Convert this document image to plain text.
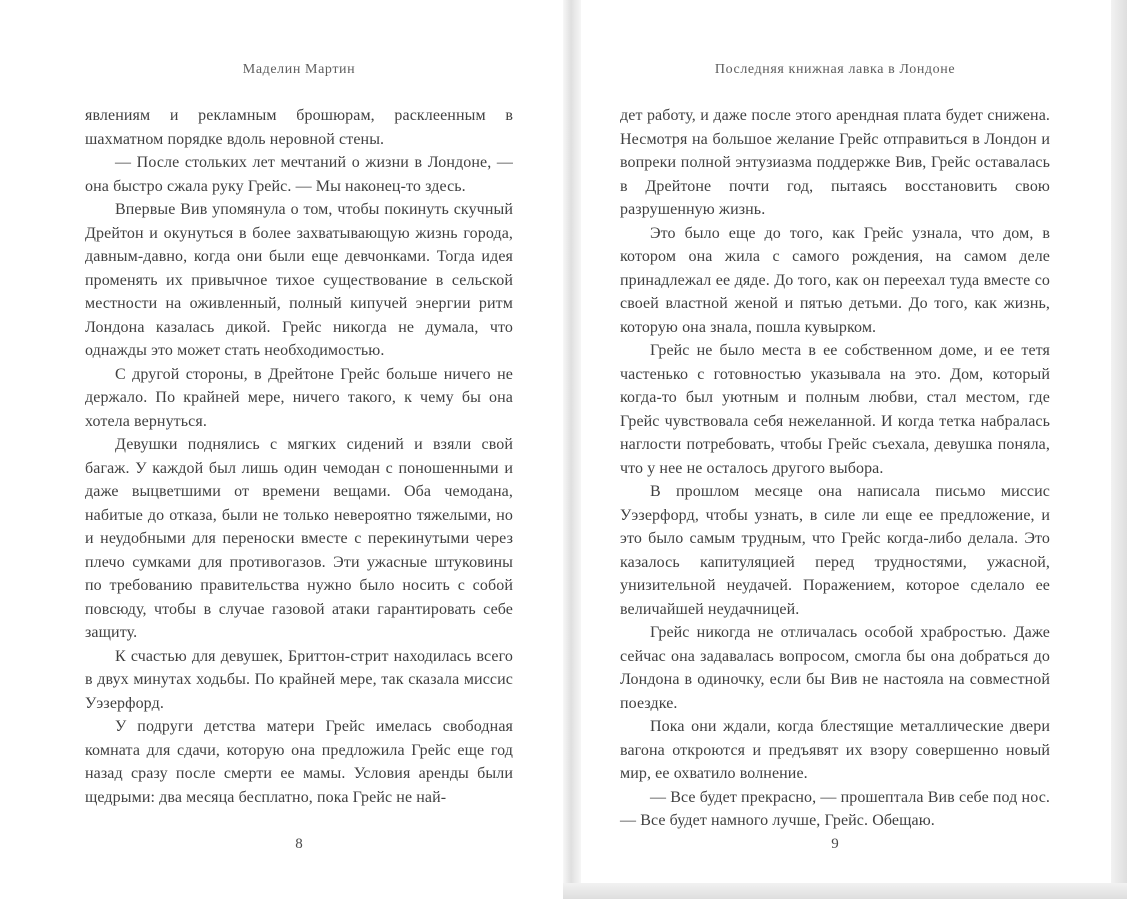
Маделин Мартин

явлениям и рекламным брошюрам, расклеенным в шахматном порядке вдоль неровной стены.

— После стольких лет мечтаний о жизни в Лондоне, — она быстро сжала руку Грейс. — Мы наконец-то здесь.

Впервые Вив упомянула о том, чтобы покинуть скучный Дрейтон и окунуться в более захватывающую жизнь города, давным-давно, когда они были еще девчонками. Тогда идея променять их привычное тихое существование в сельской местности на оживленный, полный кипучей энергии ритм Лондона казалась дикой. Грейс никогда не думала, что однажды это может стать необходимостью.

С другой стороны, в Дрейтоне Грейс больше ничего не держало. По крайней мере, ничего такого, к чему бы она хотела вернуться.

Девушки поднялись с мягких сидений и взяли свой багаж. У каждой был лишь один чемодан с поношенными и даже выцветшими от времени вещами. Оба чемодана, набитые до отказа, были не только невероятно тяжелыми, но и неудобными для переноски вместе с перекинутыми через плечо сумками для противогазов. Эти ужасные штуковины по требованию правительства нужно было носить с собой повсюду, чтобы в случае газовой атаки гарантировать себе защиту.

К счастью для девушек, Бриттон-стрит находилась всего в двух минутах ходьбы. По крайней мере, так сказала миссис Уэзерфорд.

У подруги детства матери Грейс имелась свободная комната для сдачи, которую она предложила Грейс еще год назад сразу после смерти ее мамы. Условия аренды были щедрыми: два месяца бесплатно, пока Грейс не най-

8
Последняя книжная лавка в Лондоне

дет работу, и даже после этого арендная плата будет снижена. Несмотря на большое желание Грейс отправиться в Лондон и вопреки полной энтузиазма поддержке Вив, Грейс оставалась в Дрейтоне почти год, пытаясь восстановить свою разрушенную жизнь.

Это было еще до того, как Грейс узнала, что дом, в котором она жила с самого рождения, на самом деле принадлежал ее дяде. До того, как он переехал туда вместе со своей властной женой и пятью детьми. До того, как жизнь, которую она знала, пошла кувырком.

Грейс не было места в ее собственном доме, и ее тетя частенько с готовностью указывала на это. Дом, который когда-то был уютным и полным любви, стал местом, где Грейс чувствовала себя нежеланной. И когда тетка набралась наглости потребовать, чтобы Грейс съехала, девушка поняла, что у нее не осталось другого выбора.

В прошлом месяце она написала письмо миссис Уэзерфорд, чтобы узнать, в силе ли еще ее предложение, и это было самым трудным, что Грейс когда-либо делала. Это казалось капитуляцией перед трудностями, ужасной, унизительной неудачей. Поражением, которое сделало ее величайшей неудачницей.

Грейс никогда не отличалась особой храбростью. Даже сейчас она задавалась вопросом, смогла бы она добраться до Лондона в одиночку, если бы Вив не настояла на совместной поездке.

Пока они ждали, когда блестящие металлические двери вагона откроются и предъявят их взору совершенно новый мир, ее охватило волнение.

— Все будет прекрасно, — прошептала Вив себе под нос. — Все будет намного лучше, Грейс. Обещаю.

9
